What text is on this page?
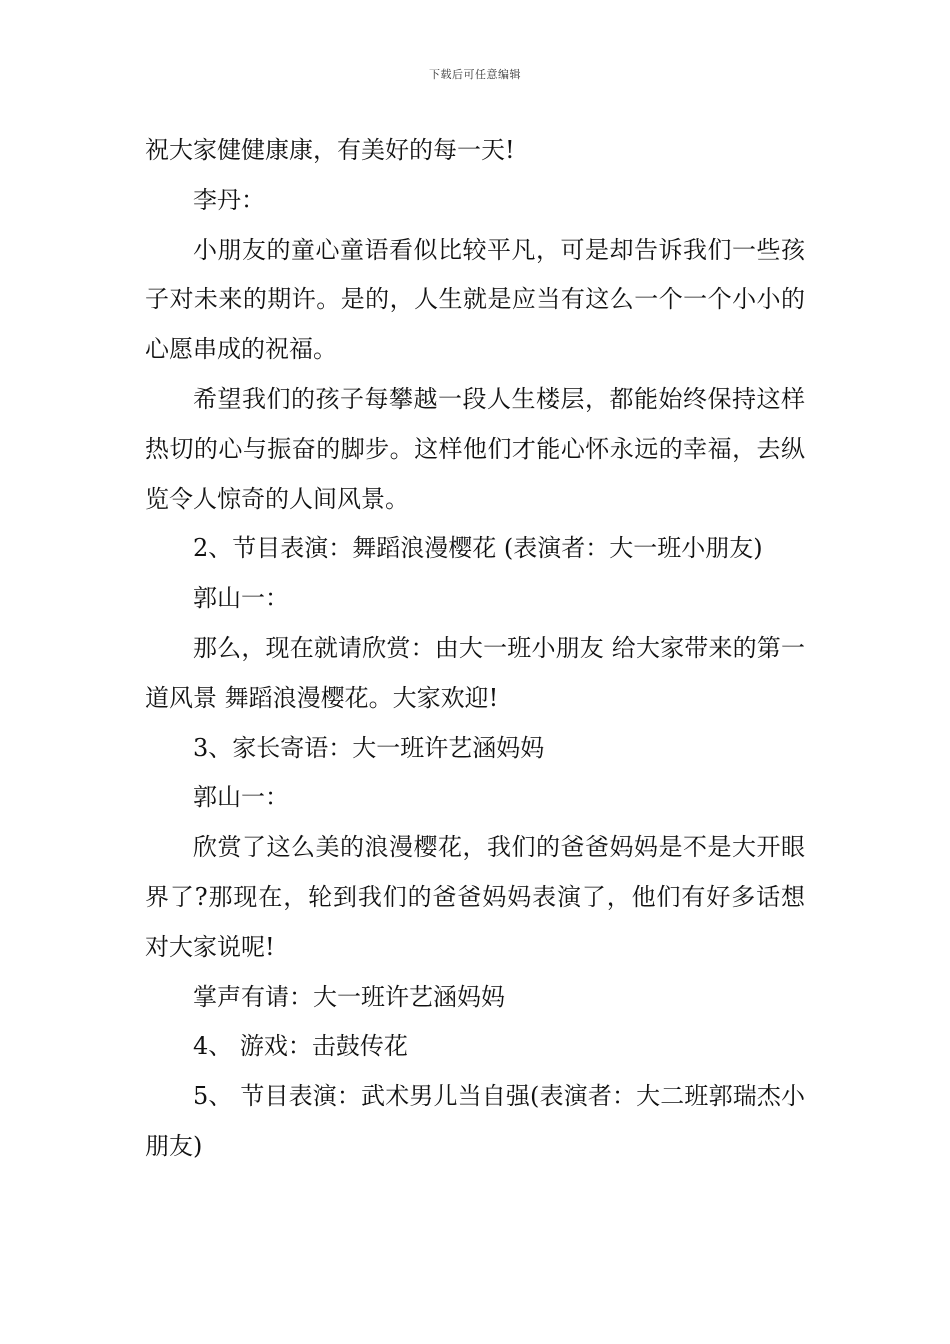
下载后可任意编辑

祝大家健健康康，有美好的每一天!

李丹：

小朋友的童心童语看似比较平凡，可是却告诉我们一些孩子对未来的期许。是的，人生就是应当有这么一个一个小小的心愿串成的祝福。

希望我们的孩子每攀越一段人生楼层，都能始终保持这样热切的心与振奋的脚步。这样他们才能心怀永远的幸福，去纵览令人惊奇的人间风景。

2、节目表演：舞蹈浪漫樱花 (表演者：大一班小朋友)

郭山一：

那么，现在就请欣赏：由大一班小朋友 给大家带来的第一道风景 舞蹈浪漫樱花。大家欢迎!

3、家长寄语：大一班许艺涵妈妈

郭山一：

欣赏了这么美的浪漫樱花，我们的爸爸妈妈是不是大开眼界了?那现在，轮到我们的爸爸妈妈表演了，他们有好多话想对大家说呢!

掌声有请：大一班许艺涵妈妈

4、 游戏：击鼓传花

5、 节目表演：武术男儿当自强(表演者：大二班郭瑞杰小朋友)
